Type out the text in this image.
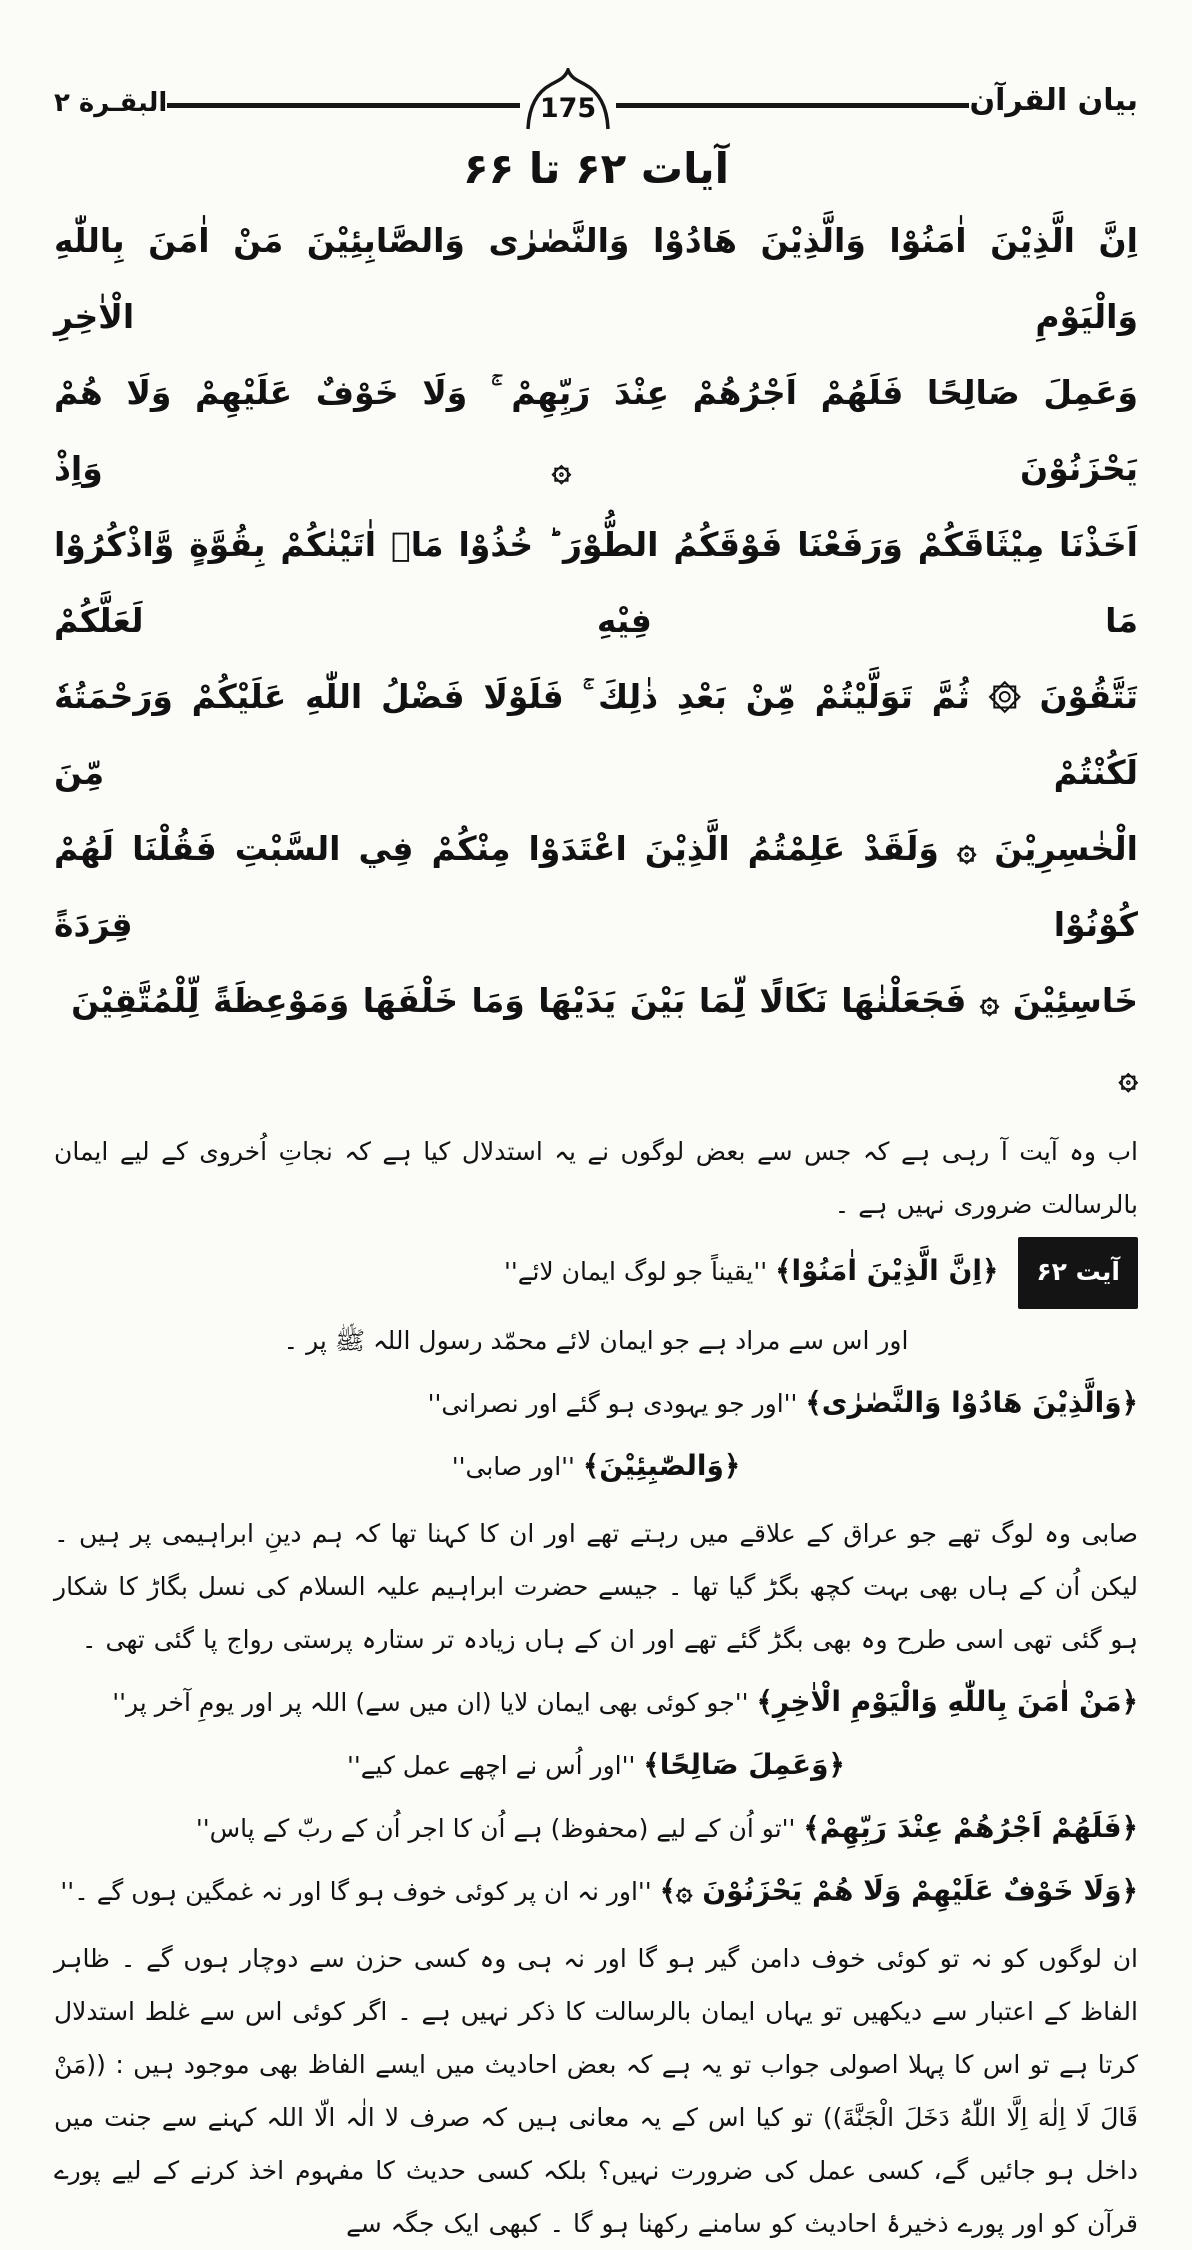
بیان القرآن
175
البقـرة ۲
آیات ۶۲ تا ۶۶
اِنَّ الَّذِيْنَ اٰمَنُوْا وَالَّذِيْنَ هَادُوْا وَالنَّصٰرٰى وَالصَّابِئِيْنَ مَنْ اٰمَنَ بِاللّٰهِ وَالْيَوْمِ الْاٰخِرِ
وَعَمِلَ صَالِحًا فَلَهُمْ اَجْرُهُمْ عِنْدَ رَبِّهِمْ ۚ وَلَا خَوْفٌ عَلَيْهِمْ وَلَا هُمْ يَحْزَنُوْنَ ۞ وَاِذْ
اَخَذْنَا مِيْثَاقَكُمْ وَرَفَعْنَا فَوْقَكُمُ الطُّوْرَ ؕ خُذُوْا مَاۤ اٰتَيْنٰكُمْ بِقُوَّةٍ وَّاذْكُرُوْا مَا فِيْهِ لَعَلَّكُمْ
تَتَّقُوْنَ ۞ ثُمَّ تَوَلَّيْتُمْ مِّنْ بَعْدِ ذٰلِكَ ۚ فَلَوْلَا فَضْلُ اللّٰهِ عَلَيْكُمْ وَرَحْمَتُهٗ لَكُنْتُمْ مِّنَ
الْخٰسِرِيْنَ ۞ وَلَقَدْ عَلِمْتُمُ الَّذِيْنَ اعْتَدَوْا مِنْكُمْ فِي السَّبْتِ فَقُلْنَا لَهُمْ كُوْنُوْا قِرَدَةً
خَاسِئِيْنَ ۞ فَجَعَلْنٰهَا نَكَالًا لِّمَا بَيْنَ يَدَيْهَا وَمَا خَلْفَهَا وَمَوْعِظَةً لِّلْمُتَّقِيْنَ ۞

اب وہ آیت آ رہی ہے کہ جس سے بعض لوگوں نے یہ استدلال کیا ہے کہ نجاتِ اُخروی کے لیے ایمان بالرسالت ضروری نہیں ہے ۔

آیت ۶۲ ﴿اِنَّ الَّذِيْنَ اٰمَنُوْا﴾ ''یقیناً جو لوگ ایمان لائے''
اور اس سے مراد ہے جو ایمان لائے محمّد رسول اللہ ﷺ پر ۔
﴿وَالَّذِيْنَ هَادُوْا وَالنَّصٰرٰى﴾ ''اور جو یہودی ہو گئے اور نصرانی''
﴿وَالصّٰبِئِيْنَ﴾ ''اور صابی''

صابی وہ لوگ تھے جو عراق کے علاقے میں رہتے تھے اور ان کا کہنا تھا کہ ہم دینِ ابراہیمی پر ہیں ۔ لیکن اُن کے ہاں بھی بہت کچھ بگڑ گیا تھا ۔ جیسے حضرت ابراہیم علیہ السلام کی نسل بگاڑ کا شکار ہو گئی تھی اسی طرح وہ بھی بگڑ گئے تھے اور ان کے ہاں زیادہ تر ستارہ پرستی رواج پا گئی تھی ۔

﴿مَنْ اٰمَنَ بِاللّٰهِ وَالْيَوْمِ الْاٰخِرِ﴾ ''جو کوئی بھی ایمان لایا (ان میں سے) اللہ پر اور یومِ آخر پر''
﴿وَعَمِلَ صَالِحًا﴾ ''اور اُس نے اچھے عمل کیے''
﴿فَلَهُمْ اَجْرُهُمْ عِنْدَ رَبِّهِمْ﴾ ''تو اُن کے لیے (محفوظ) ہے اُن کا اجر اُن کے ربّ کے پاس''
﴿وَلَا خَوْفٌ عَلَيْهِمْ وَلَا هُمْ يَحْزَنُوْنَ ۞﴾ ''اور نہ ان پر کوئی خوف ہو گا اور نہ غمگین ہوں گے ۔''

ان لوگوں کو نہ تو کوئی خوف دامن گیر ہو گا اور نہ ہی وہ کسی حزن سے دوچار ہوں گے ۔ ظاہر الفاظ کے اعتبار سے دیکھیں تو یہاں ایمان بالرسالت کا ذکر نہیں ہے ۔ اگر کوئی اس سے غلط استدلال کرتا ہے تو اس کا پہلا اصولی جواب تو یہ ہے کہ بعض احادیث میں ایسے الفاظ بھی موجود ہیں : ((مَنْ قَالَ لَا اِلٰهَ اِلَّا اللّٰهُ دَخَلَ الْجَنَّةَ)) تو کیا اس کے یہ معانی ہیں کہ صرف لا الٰہ الّا اللہ کہنے سے جنت میں داخل ہو جائیں گے، کسی عمل کی ضرورت نہیں؟ بلکہ کسی حدیث کا مفہوم اخذ کرنے کے لیے پورے قرآن کو اور پورے ذخیرۂ احادیث کو سامنے رکھنا ہو گا ۔ کبھی ایک جگہ سے
